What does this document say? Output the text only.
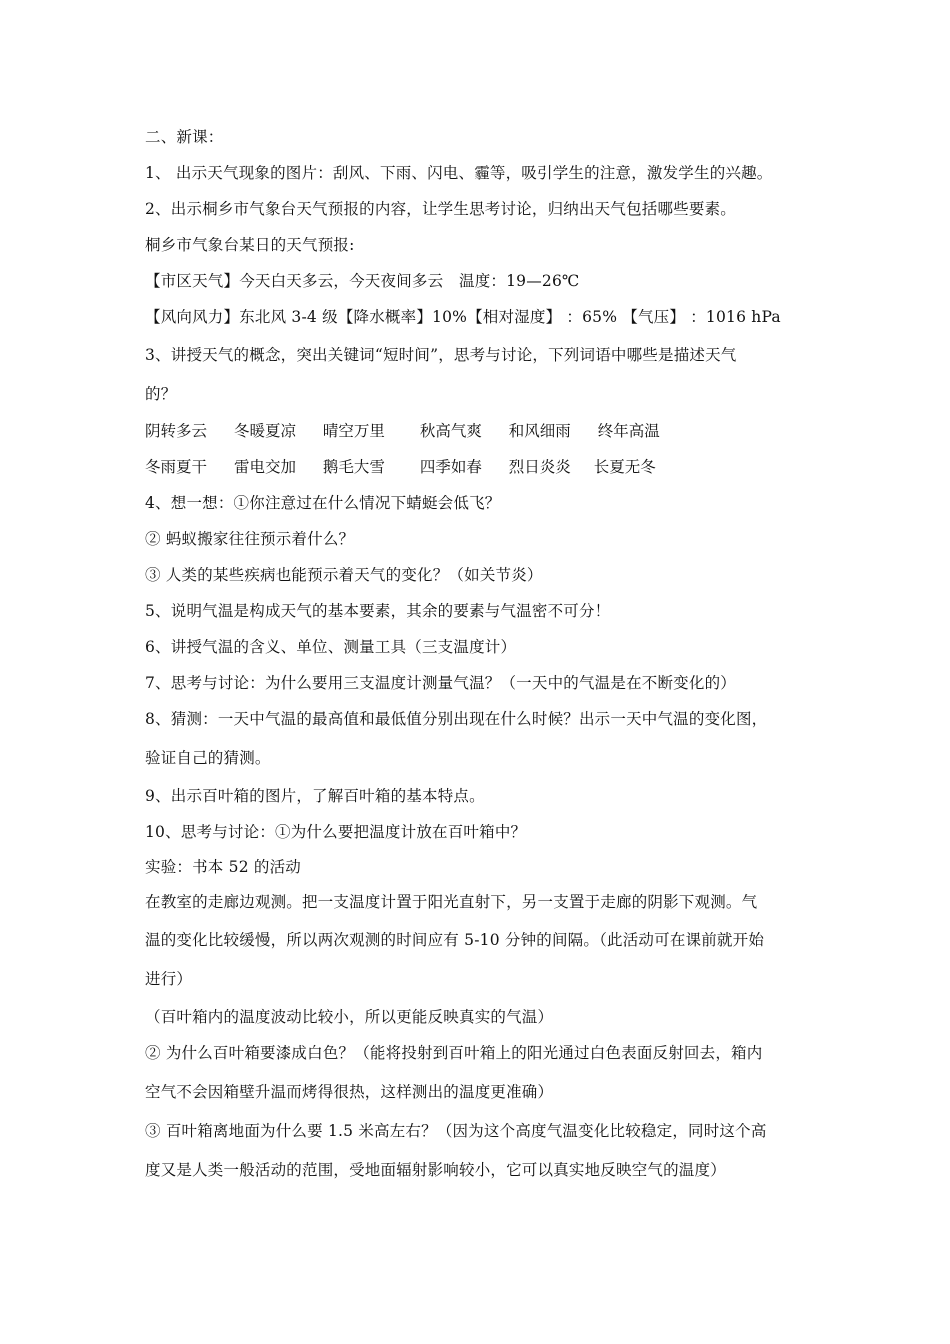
二、新课：
1、 出示天气现象的图片：刮风、下雨、闪电、霾等，吸引学生的注意，激发学生的兴趣。
2、出示桐乡市气象台天气预报的内容，让学生思考讨论，归纳出天气包括哪些要素。
桐乡市气象台某日的天气预报:
【市区天气】今天白天多云，今天夜间多云　温度：19—26℃
【风向风力】东北风 3-4 级【降水概率】10%【相对湿度】 ：65% 【气压】 ：1016 hPa
3、讲授天气的概念，突出关键词“短时间”，思考与讨论，下列词语中哪些是描述天气
的？
阴转多云 冬暖夏凉 晴空万里 秋高气爽 和风细雨 终年高温
冬雨夏干 雷电交加 鹅毛大雪 四季如春 烈日炎炎 长夏无冬
4、想一想：①你注意过在什么情况下蜻蜓会低飞？
② 蚂蚁搬家往往预示着什么？
③ 人类的某些疾病也能预示着天气的变化？（如关节炎）
5、说明气温是构成天气的基本要素，其余的要素与气温密不可分！
6、讲授气温的含义、单位、测量工具（三支温度计）
7、思考与讨论：为什么要用三支温度计测量气温？（一天中的气温是在不断变化的）
8、猜测：一天中气温的最高值和最低值分别出现在什么时候？出示一天中气温的变化图，
验证自己的猜测。
9、出示百叶箱的图片，了解百叶箱的基本特点。
10、思考与讨论：①为什么要把温度计放在百叶箱中？
实验：书本 52 的活动
在教室的走廊边观测。把一支温度计置于阳光直射下，另一支置于走廊的阴影下观测。气
温的变化比较缓慢，所以两次观测的时间应有 5-10 分钟的间隔。（此活动可在课前就开始
进行）
（百叶箱内的温度波动比较小，所以更能反映真实的气温）
② 为什么百叶箱要漆成白色？（能将投射到百叶箱上的阳光通过白色表面反射回去，箱内
空气不会因箱壁升温而烤得很热，这样测出的温度更准确）
③ 百叶箱离地面为什么要 1.5 米高左右？（因为这个高度气温变化比较稳定，同时这个高
度又是人类一般活动的范围，受地面辐射影响较小，它可以真实地反映空气的温度）
